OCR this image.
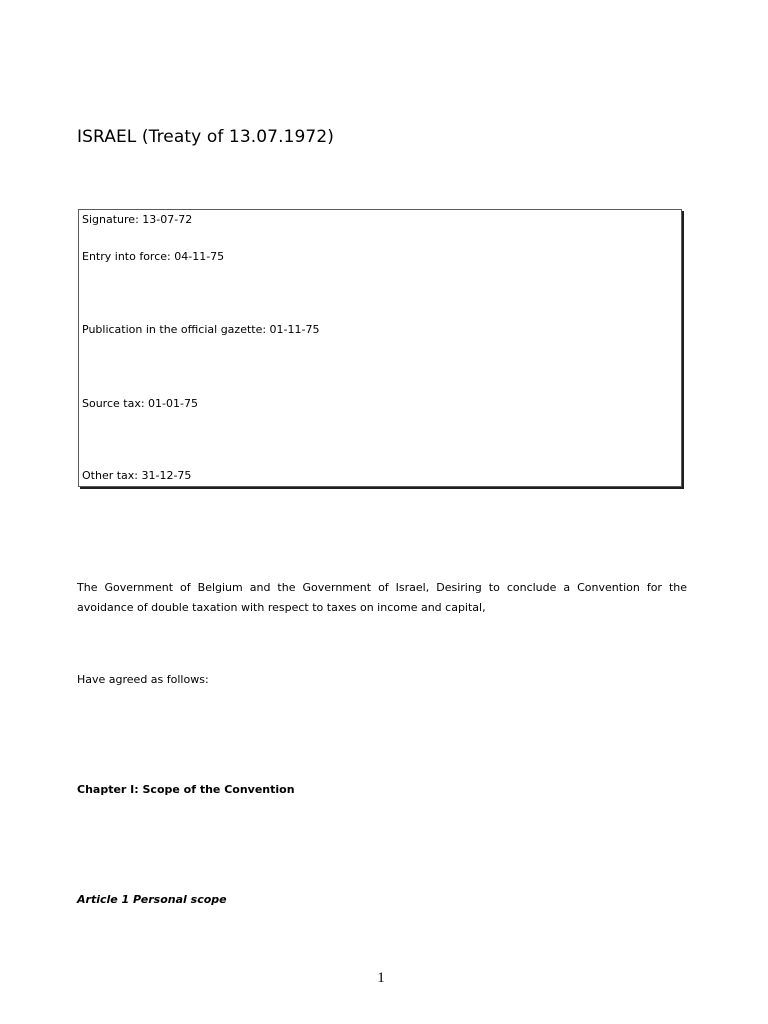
ISRAEL (Treaty of 13.07.1972)
Signature: 13-07-72
Entry into force: 04-11-75
Publication in the official gazette: 01-11-75
Source tax: 01-01-75
Other tax: 31-12-75
The Government of Belgium and the Government of Israel, Desiring to conclude a Convention for the avoidance of double taxation with respect to taxes on income and capital,
Have agreed as follows:
Chapter I: Scope of the Convention
Article 1 Personal scope
1
